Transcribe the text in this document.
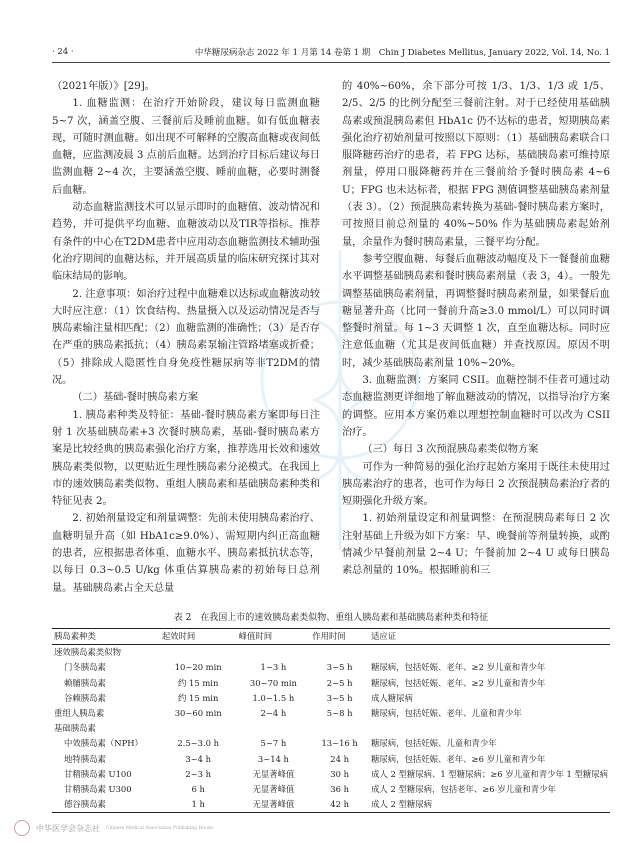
· 24 ·	中华糖尿病杂志 2022 年 1 月第 14 卷第 1 期　Chin J Diabetes Mellitus, January 2022, Vol. 14, No. 1

（2021年版）》[29]。

1. 血糖监测：在治疗开始阶段，建议每日监测血糖 5~7 次，涵盖空腹、三餐前后及睡前血糖。如有低血糖表现，可随时测血糖。如出现不可解释的空腹高血糖或夜间低血糖，应监测凌晨 3 点前后血糖。达到治疗目标后建议每日监测血糖 2~4 次，主要涵盖空腹、睡前血糖，必要时测餐后血糖。

动态血糖监测技术可以显示即时的血糖值、波动情况和趋势，并可提供平均血糖、血糖波动以及TIR等指标。推荐有条件的中心在T2DM患者中应用动态血糖监测技术辅助强化治疗期间的血糖达标，并开展高质量的临床研究探讨其对临床结局的影响。

2. 注意事项：如治疗过程中血糖难以达标或血糖波动较大时应注意：（1）饮食结构、热量摄入以及运动情况是否与胰岛素输注量相匹配；（2）血糖监测的准确性；（3）是否存在严重的胰岛素抵抗；（4）胰岛素泵输注管路堵塞或折叠；（5）排除成人隐匿性自身免疫性糖尿病等非T2DM的情况。

（二）基础-餐时胰岛素方案

1. 胰岛素种类及特征：基础-餐时胰岛素方案即每日注射 1 次基础胰岛素+3 次餐时胰岛素，基础-餐时胰岛素方案是比较经典的胰岛素强化治疗方案，推荐选用长效和速效胰岛素类似物，以更贴近生理性胰岛素分泌模式。在我国上市的速效胰岛素类似物、重组人胰岛素和基础胰岛素种类和特征见表 2。

2. 初始剂量设定和剂量调整：先前未使用胰岛素治疗、血糖明显升高（如 HbA1c≥9.0%）、需短期内纠正高血糖的患者，应根据患者体重、血糖水平、胰岛素抵抗状态等，以每日 0.3~0.5 U/kg 体重估算胰岛素的初始每日总剂量。基础胰岛素占全天总量

的 40%~60%，余下部分可按 1/3、1/3、1/3 或 1/5、2/5、2/5 的比例分配至三餐前注射。对于已经使用基础胰岛素或预混胰岛素但 HbA1c 仍不达标的患者，短期胰岛素强化治疗初始剂量可按照以下原则：（1）基础胰岛素联合口服降糖药治疗的患者，若 FPG 达标，基础胰岛素可维持原剂量，停用口服降糖药并在三餐前给予餐时胰岛素 4~6 U；FPG 也未达标者，根据 FPG 测值调整基础胰岛素剂量（表 3）。（2）预混胰岛素转换为基础-餐时胰岛素方案时，可按照目前总剂量的 40%~50% 作为基础胰岛素起始剂量，余量作为餐时胰岛素量，三餐平均分配。

参考空腹血糖、每餐后血糖波动幅度及下一餐餐前血糖水平调整基础胰岛素和餐时胰岛素剂量（表 3，4）。一般先调整基础胰岛素剂量，再调整餐时胰岛素剂量，如果餐后血糖显著升高（比同一餐前升高≥3.0 mmol/L）可以同时调整餐时剂量。每 1~3 天调整 1 次，直至血糖达标。同时应注意低血糖（尤其是夜间低血糖）并查找原因。原因不明时，减少基础胰岛素剂量 10%~20%。

3. 血糖监测：方案同 CSII。血糖控制不佳者可通过动态血糖监测更详细地了解血糖波动的情况，以指导治疗方案的调整。应用本方案仍难以理想控制血糖时可以改为 CSII 治疗。

（三）每日 3 次预混胰岛素类似物方案

可作为一种简易的强化治疗起始方案用于既往未使用过胰岛素治疗的患者，也可作为每日 2 次预混胰岛素治疗者的短期强化升级方案。

1. 初始剂量设定和剂量调整：在预混胰岛素每日 2 次注射基础上升级为如下方案：早、晚餐前等剂量转换，或酌情减少早餐前剂量 2~4 U；午餐前加 2~4 U 或每日胰岛素总剂量的 10%。根据睡前和三

表 2　在我国上市的速效胰岛素类似物、重组人胰岛素和基础胰岛素种类和特征
胰岛素种类	起效时间	峰值时间	作用时间	适应证
速效胰岛素类似物				
门冬胰岛素	10~20 min	1~3 h	3~5 h	糖尿病，包括妊娠、老年、≥2 岁儿童和青少年
赖脯胰岛素	约 15 min	30~70 min	2~5 h	糖尿病，包括妊娠、老年、≥2 岁儿童和青少年
谷赖胰岛素	约 15 min	1.0~1.5 h	3~5 h	成人糖尿病
重组人胰岛素	30~60 min	2~4 h	5~8 h	糖尿病，包括妊娠、老年、儿童和青少年
基础胰岛素				
中效胰岛素（NPH）	2.5~3.0 h	5~7 h	13~16 h	糖尿病，包括妊娠、儿童和青少年
地特胰岛素	3~4 h	3~14 h	24 h	糖尿病，包括妊娠、老年、≥6 岁儿童和青少年
甘精胰岛素 U100	2~3 h	无显著峰值	30 h	成人 2 型糖尿病、1 型糖尿病；≥6 岁儿童和青少年 1 型糖尿病
甘精胰岛素 U300	6 h	无显著峰值	36 h	成人 2 型糖尿病，包括老年、≥6 岁儿童和青少年
德谷胰岛素	1 h	无显著峰值	42 h	成人 2 型糖尿病
中华医学会杂志社 Chinese Medical Association Publishing House
